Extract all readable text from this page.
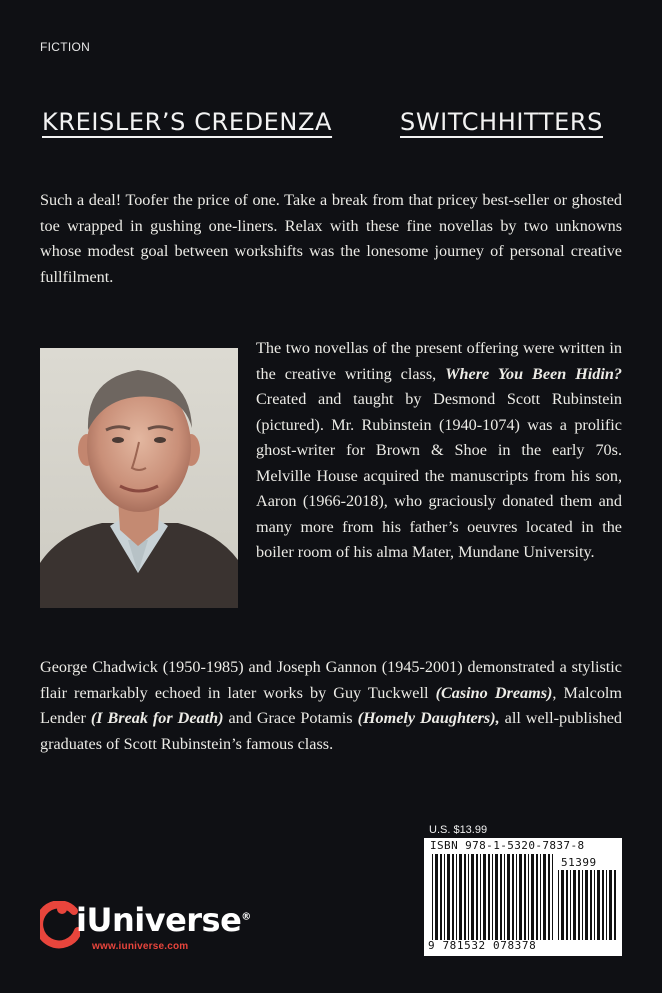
FICTION
KREISLER’S CREDENZA	SWITCHHITTERS
Such a deal! Toofer the price of one. Take a break from that pricey best-seller or ghosted toe wrapped in gushing one-liners. Relax with these fine novellas by two unknowns whose modest goal between workshifts was the lonesome journey of personal creative fullfilment.
The two novellas of the present offering were written in the creative writing class, Where You Been Hidin? Created and taught by Desmond Scott Rubinstein (pictured). Mr. Rubinstein (1940-1074) was a prolific ghost-writer for Brown & Shoe in the early 70s. Melville House acquired the manuscripts from his son, Aaron (1966-2018), who graciously donated them and many more from his father’s oeuvres located in the boiler room of his alma Mater, Mundane University.
George Chadwick (1950-1985) and Joseph Gannon (1945-2001) demonstrated a stylistic flair remarkably echoed in later works by Guy Tuckwell (Casino Dreams), Malcolm Lender (I Break for Death) and Grace Potamis (Homely Daughters), all well-published graduates of Scott Rubinstein’s famous class.
U.S. $13.99
ISBN 978-1-5320-7837-8
51399
9 781532 078378
iUniverse®
www.iuniverse.com
